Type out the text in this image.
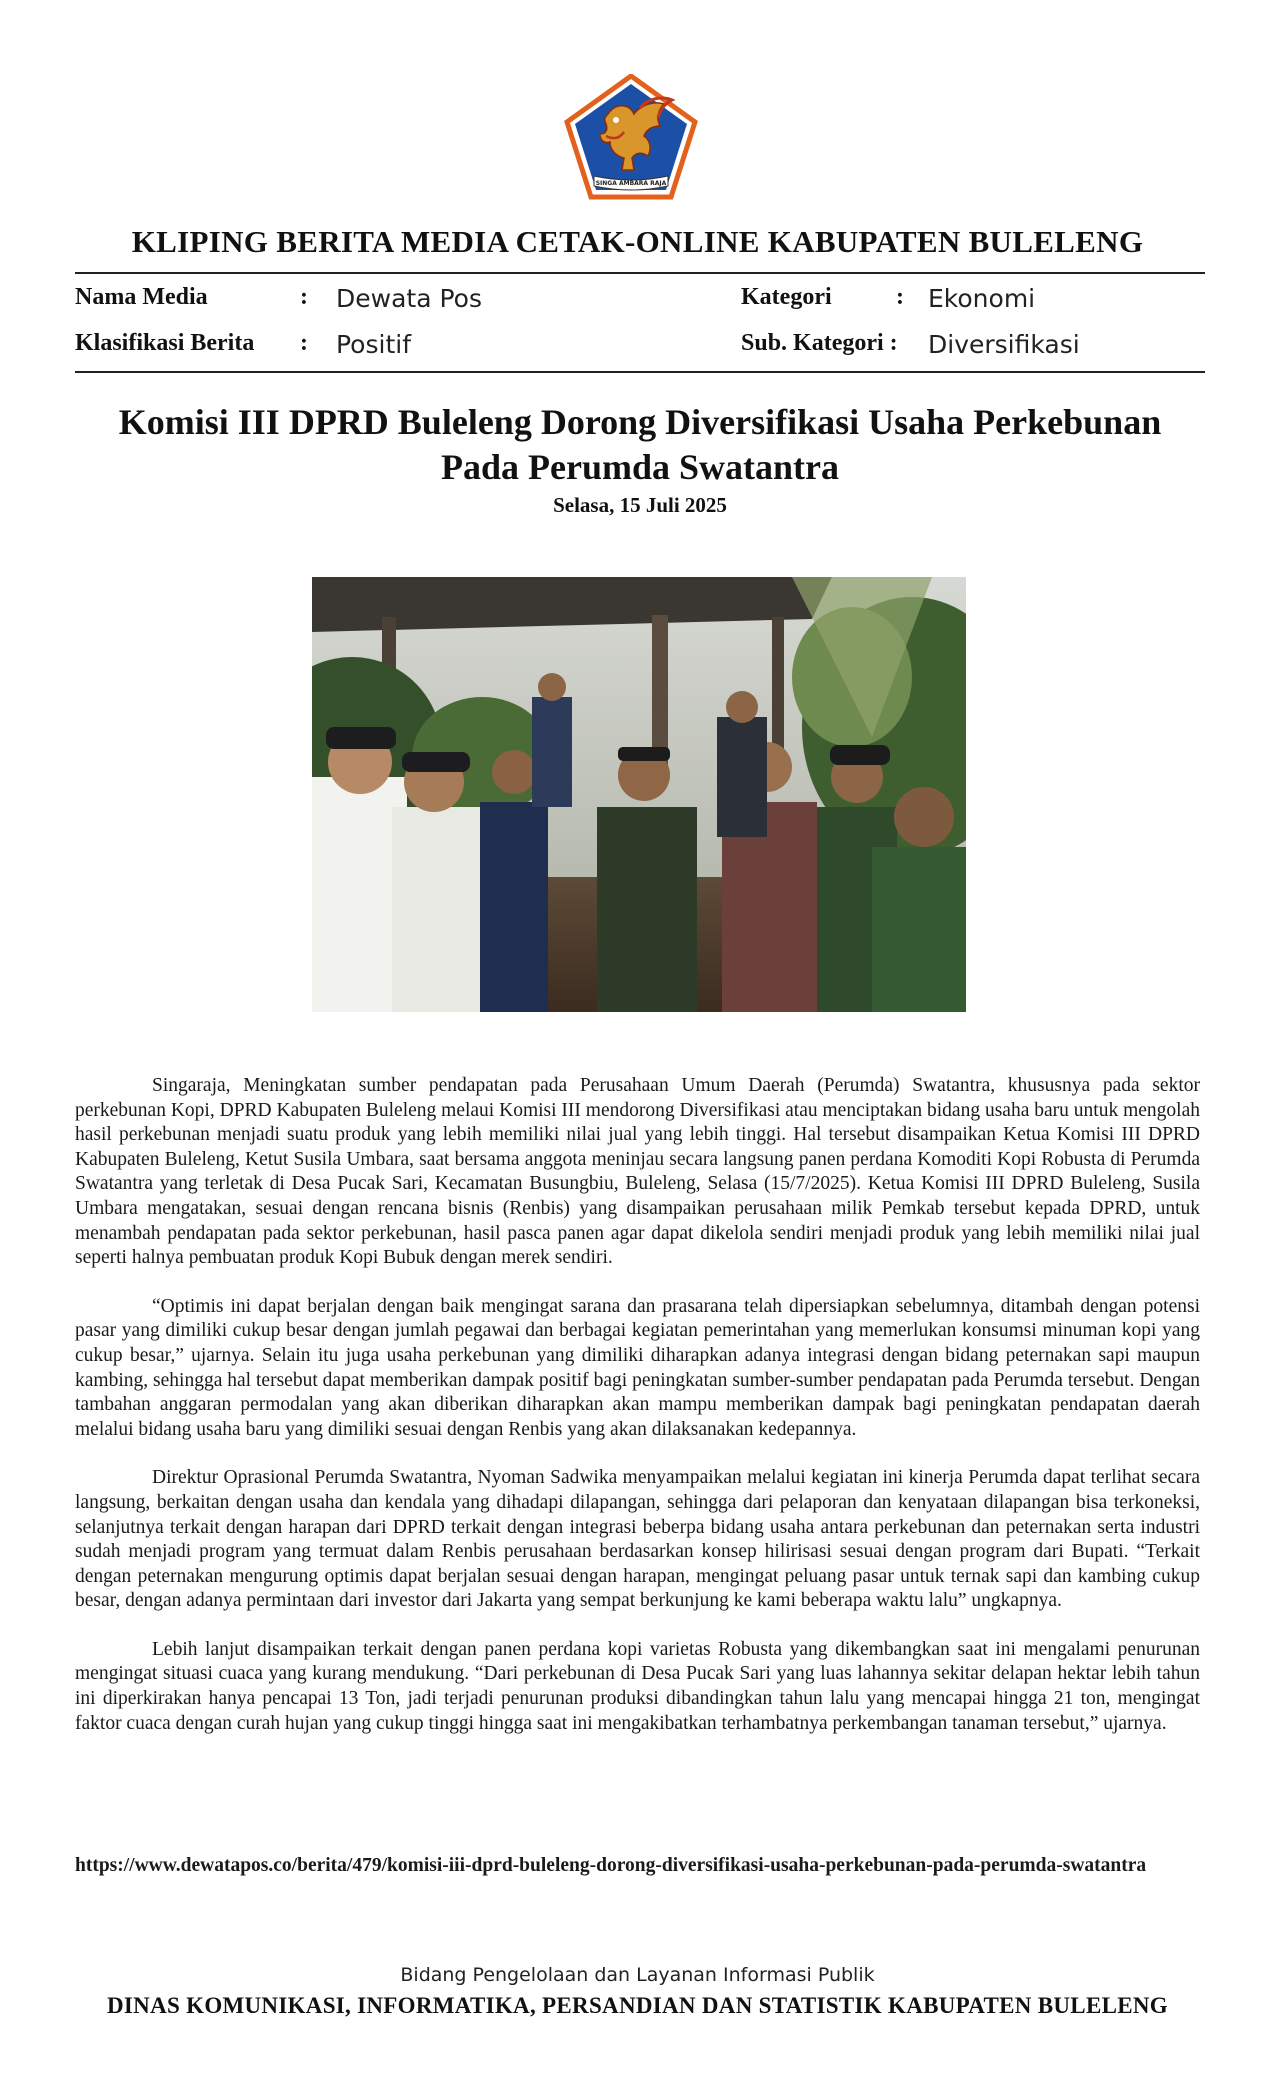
SINGA AMBARA RAJA
KLIPING BERITA MEDIA CETAK-ONLINE KABUPATEN BULELENG
Nama Media	: Dewata Pos	Kategori	: Ekonomi
Klasifikasi Berita : Positif	Sub. Kategori : Diversifikasi
Komisi III DPRD Buleleng Dorong Diversifikasi Usaha Perkebunan
Pada Perumda Swatantra
Selasa, 15 Juli 2025

Singaraja, Meningkatan sumber pendapatan pada Perusahaan Umum Daerah (Perumda) Swatantra, khususnya pada sektor perkebunan Kopi, DPRD Kabupaten Buleleng melaui Komisi III mendorong Diversifikasi atau menciptakan bidang usaha baru untuk mengolah hasil perkebunan menjadi suatu produk yang lebih memiliki nilai jual yang lebih tinggi. Hal tersebut disampaikan Ketua Komisi III DPRD Kabupaten Buleleng, Ketut Susila Umbara, saat bersama anggota meninjau secara langsung panen perdana Komoditi Kopi Robusta di Perumda Swatantra yang terletak di Desa Pucak Sari, Kecamatan Busungbiu, Buleleng, Selasa (15/7/2025). Ketua Komisi III DPRD Buleleng, Susila Umbara mengatakan, sesuai dengan rencana bisnis (Renbis) yang disampaikan perusahaan milik Pemkab tersebut kepada DPRD, untuk menambah pendapatan pada sektor perkebunan, hasil pasca panen agar dapat dikelola sendiri menjadi produk yang lebih memiliki nilai jual seperti halnya pembuatan produk Kopi Bubuk dengan merek sendiri.

“Optimis ini dapat berjalan dengan baik mengingat sarana dan prasarana telah dipersiapkan sebelumnya, ditambah dengan potensi pasar yang dimiliki cukup besar dengan jumlah pegawai dan berbagai kegiatan pemerintahan yang memerlukan konsumsi minuman kopi yang cukup besar,” ujarnya. Selain itu juga usaha perkebunan yang dimiliki diharapkan adanya integrasi dengan bidang peternakan sapi maupun kambing, sehingga hal tersebut dapat memberikan dampak positif bagi peningkatan sumber-sumber pendapatan pada Perumda tersebut. Dengan tambahan anggaran permodalan yang akan diberikan diharapkan akan mampu memberikan dampak bagi peningkatan pendapatan daerah melalui bidang usaha baru yang dimiliki sesuai dengan Renbis yang akan dilaksanakan kedepannya.

Direktur Oprasional Perumda Swatantra, Nyoman Sadwika menyampaikan melalui kegiatan ini kinerja Perumda dapat terlihat secara langsung, berkaitan dengan usaha dan kendala yang dihadapi dilapangan, sehingga dari pelaporan dan kenyataan dilapangan bisa terkoneksi, selanjutnya terkait dengan harapan dari DPRD terkait dengan integrasi beberpa bidang usaha antara perkebunan dan peternakan serta industri sudah menjadi program yang termuat dalam Renbis perusahaan berdasarkan konsep hilirisasi sesuai dengan program dari Bupati. “Terkait dengan peternakan mengurung optimis dapat berjalan sesuai dengan harapan, mengingat peluang pasar untuk ternak sapi dan kambing cukup besar, dengan adanya permintaan dari investor dari Jakarta yang sempat berkunjung ke kami beberapa waktu lalu” ungkapnya.

Lebih lanjut disampaikan terkait dengan panen perdana kopi varietas Robusta yang dikembangkan saat ini mengalami penurunan mengingat situasi cuaca yang kurang mendukung. “Dari perkebunan di Desa Pucak Sari yang luas lahannya sekitar delapan hektar lebih tahun ini diperkirakan hanya pencapai 13 Ton, jadi terjadi penurunan produksi dibandingkan tahun lalu yang mencapai hingga 21 ton, mengingat faktor cuaca dengan curah hujan yang cukup tinggi hingga saat ini mengakibatkan terhambatnya perkembangan tanaman tersebut,” ujarnya.

https://www.dewatapos.co/berita/479/komisi-iii-dprd-buleleng-dorong-diversifikasi-usaha-perkebunan-pada-perumda-swatantra
Bidang Pengelolaan dan Layanan Informasi Publik
DINAS KOMUNIKASI, INFORMATIKA, PERSANDIAN DAN STATISTIK KABUPATEN BULELENG
